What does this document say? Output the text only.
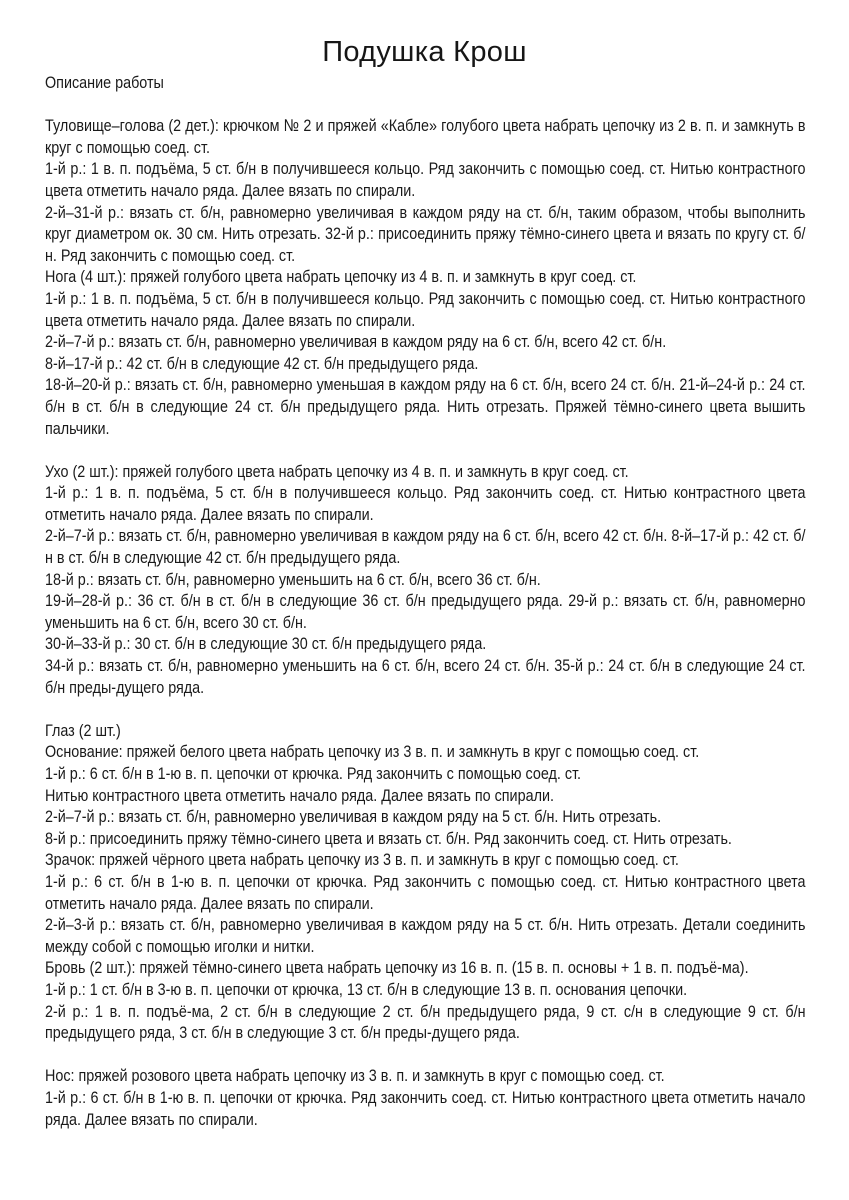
Подушка Крош

Описание работы

Туловище–голова (2 дет.): крючком № 2 и пряжей «Кабле» голубого цвета набрать цепочку из 2 в. п. и замкнуть в круг с помощью соед. ст.

1-й р.: 1 в. п. подъёма, 5 ст. б/н в получившееся кольцо. Ряд закончить с помощью соед. ст. Нитью контрастного цвета отметить начало ряда. Далее вязать по спирали.

2-й–31-й р.: вязать ст. б/н, равномерно увеличивая в каждом ряду на ст. б/н, таким образом, чтобы выполнить круг диаметром ок. 30 см. Нить отрезать. 32-й р.: присоединить пряжу тёмно-синего цвета и вязать по кругу ст. б/н. Ряд закончить с помощью соед. ст.

Нога (4 шт.): пряжей голубого цвета набрать цепочку из 4 в. п. и замкнуть в круг соед. ст.

1-й р.: 1 в. п. подъёма, 5 ст. б/н в получившееся кольцо. Ряд закончить с помощью соед. ст. Нитью контрастного цвета отметить начало ряда. Далее вязать по спирали.

2-й–7-й р.: вязать ст. б/н, равномерно увеличивая в каждом ряду на 6 ст. б/н, всего 42 ст. б/н.

8-й–17-й р.: 42 ст. б/н в следующие 42 ст. б/н предыдущего ряда.

18-й–20-й р.: вязать ст. б/н, равномерно уменьшая в каждом ряду на 6 ст. б/н, всего 24 ст. б/н. 21-й–24-й р.: 24 ст. б/н в ст. б/н в следующие 24 ст. б/н предыдущего ряда. Нить отрезать. Пряжей тёмно-синего цвета вышить пальчики.

Ухо (2 шт.): пряжей голубого цвета набрать цепочку из 4 в. п. и замкнуть в круг соед. ст.

1-й р.: 1 в. п. подъёма, 5 ст. б/н в получившееся кольцо. Ряд закончить соед. ст. Нитью контрастного цвета отметить начало ряда. Далее вязать по спирали.

2-й–7-й р.: вязать ст. б/н, равномерно увеличивая в каждом ряду на 6 ст. б/н, всего 42 ст. б/н. 8-й–17-й р.: 42 ст. б/н в ст. б/н в следующие 42 ст. б/н предыдущего ряда.

18-й р.: вязать ст. б/н, равномерно уменьшить на 6 ст. б/н, всего 36 ст. б/н.

19-й–28-й р.: 36 ст. б/н в ст. б/н в следующие 36 ст. б/н предыдущего ряда. 29-й р.: вязать ст. б/н, равномерно уменьшить на 6 ст. б/н, всего 30 ст. б/н.

30-й–33-й р.: 30 ст. б/н в следующие 30 ст. б/н предыдущего ряда.

34-й р.: вязать ст. б/н, равномерно уменьшить на 6 ст. б/н, всего 24 ст. б/н. 35-й р.: 24 ст. б/н в следующие 24 ст. б/н преды-дущего ряда.

Глаз (2 шт.)

Основание: пряжей белого цвета набрать цепочку из 3 в. п. и замкнуть в круг с помощью соед. ст.

1-й р.: 6 ст. б/н в 1-ю в. п. цепочки от крючка. Ряд закончить с помощью соед. ст.

Нитью контрастного цвета отметить начало ряда. Далее вязать по спирали.

2-й–7-й р.: вязать ст. б/н, равномерно увеличивая в каждом ряду на 5 ст. б/н. Нить отрезать.

8-й р.: присоединить пряжу тёмно-синего цвета и вязать ст. б/н. Ряд закончить соед. ст. Нить отрезать.

Зрачок: пряжей чёрного цвета набрать цепочку из 3 в. п. и замкнуть в круг с помощью соед. ст.

1-й р.: 6 ст. б/н в 1-ю в. п. цепочки от крючка. Ряд закончить с помощью соед. ст. Нитью контрастного цвета отметить начало ряда. Далее вязать по спирали.

2-й–3-й р.: вязать ст. б/н, равномерно увеличивая в каждом ряду на 5 ст. б/н. Нить отрезать. Детали соединить между собой с помощью иголки и нитки.

Бровь (2 шт.): пряжей тёмно-синего цвета набрать цепочку из 16 в. п. (15 в. п. основы + 1 в. п. подъё-ма).

1-й р.: 1 ст. б/н в 3-ю в. п. цепочки от крючка, 13 ст. б/н в следующие 13 в. п. основания цепочки.

2-й р.: 1 в. п. подъё-ма, 2 ст. б/н в следующие 2 ст. б/н предыдущего ряда, 9 ст. с/н в следующие 9 ст. б/н предыдущего ряда, 3 ст. б/н в следующие 3 ст. б/н преды-дущего ряда.

Нос: пряжей розового цвета набрать цепочку из 3 в. п. и замкнуть в круг с помощью соед. ст.

1-й р.: 6 ст. б/н в 1-ю в. п. цепочки от крючка. Ряд закончить соед. ст. Нитью контрастного цвета отметить начало ряда. Далее вязать по спирали.
